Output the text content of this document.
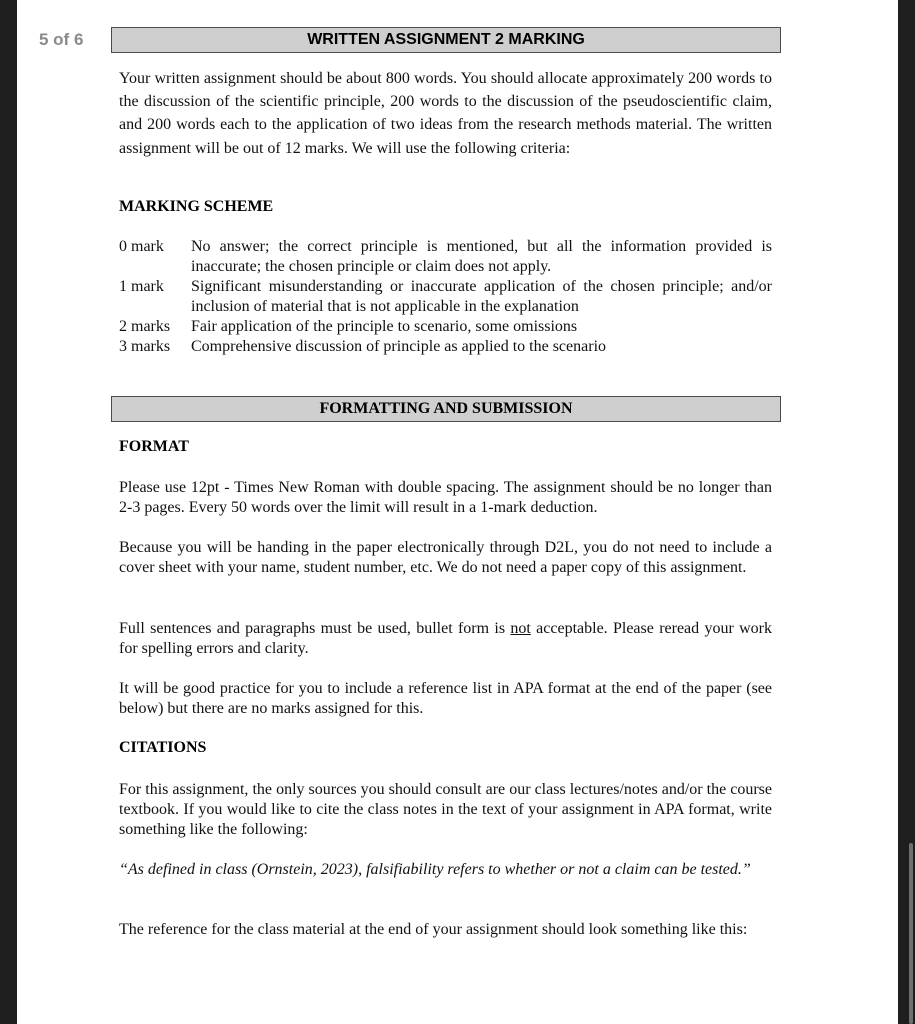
5 of 6	WRITTEN ASSIGNMENT 2 MARKING
Your written assignment should be about 800 words. You should allocate approximately 200 words to the discussion of the scientific principle, 200 words to the discussion of the pseudoscientific claim, and 200 words each to the application of two ideas from the research methods material. The written assignment will be out of 12 marks. We will use the following criteria:
MARKING SCHEME
0 mark No answer; the correct principle is mentioned, but all the information provided is inaccurate; the chosen principle or claim does not apply.
1 mark Significant misunderstanding or inaccurate application of the chosen principle; and/or inclusion of material that is not applicable in the explanation
2 marks Fair application of the principle to scenario, some omissions
3 marks Comprehensive discussion of principle as applied to the scenario
FORMATTING AND SUBMISSION
FORMAT

Please use 12pt - Times New Roman with double spacing. The assignment should be no longer than 2-3 pages. Every 50 words over the limit will result in a 1-mark deduction.

Because you will be handing in the paper electronically through D2L, you do not need to include a cover sheet with your name, student number, etc. We do not need a paper copy of this assignment.

Full sentences and paragraphs must be used, bullet form is not acceptable. Please reread your work for spelling errors and clarity.

It will be good practice for you to include a reference list in APA format at the end of the paper (see below) but there are no marks assigned for this.

CITATIONS

For this assignment, the only sources you should consult are our class lectures/notes and/or the course textbook. If you would like to cite the class notes in the text of your assignment in APA format, write something like the following:

“As defined in class (Ornstein, 2023), falsifiability refers to whether or not a claim can be tested.”

The reference for the class material at the end of your assignment should look something like this:
